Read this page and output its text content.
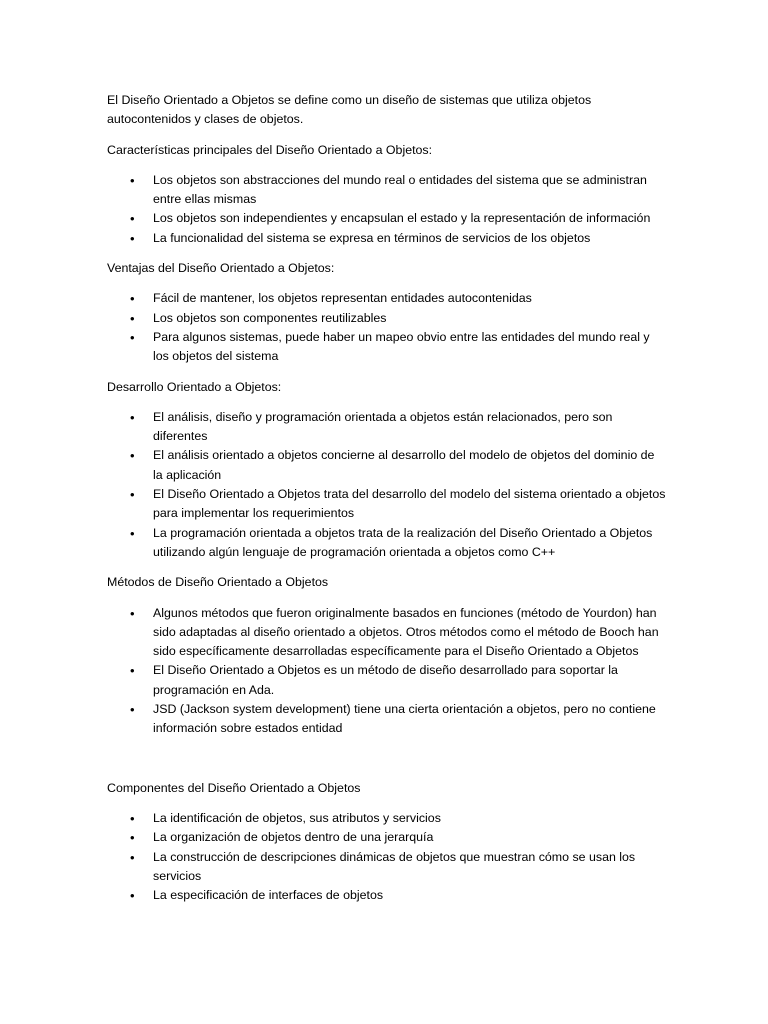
El Diseño Orientado a Objetos se define como un diseño de sistemas que utiliza objetos autocontenidos y clases de objetos.

Características principales del Diseño Orientado a Objetos:

• Los objetos son abstracciones del mundo real o entidades del sistema que se administran entre ellas mismas
• Los objetos son independientes y encapsulan el estado y la representación de información
• La funcionalidad del sistema se expresa en términos de servicios de los objetos

Ventajas del Diseño Orientado a Objetos:

• Fácil de mantener, los objetos representan entidades autocontenidas
• Los objetos son componentes reutilizables
• Para algunos sistemas, puede haber un mapeo obvio entre las entidades del mundo real y los objetos del sistema

Desarrollo Orientado a Objetos:

• El análisis, diseño y programación orientada a objetos están relacionados, pero son diferentes
• El análisis orientado a objetos concierne al desarrollo del modelo de objetos del dominio de la aplicación
• El Diseño Orientado a Objetos trata del desarrollo del modelo del sistema orientado a objetos para implementar los requerimientos
• La programación orientada a objetos trata de la realización del Diseño Orientado a Objetos utilizando algún lenguaje de programación orientada a objetos como C++

Métodos de Diseño Orientado a Objetos

• Algunos métodos que fueron originalmente basados en funciones (método de Yourdon) han sido adaptadas al diseño orientado a objetos. Otros métodos como el método de Booch han sido específicamente desarrolladas específicamente para el Diseño Orientado a Objetos
• El Diseño Orientado a Objetos es un método de diseño desarrollado para soportar la programación en Ada.
• JSD (Jackson system development) tiene una cierta orientación a objetos, pero no contiene información sobre estados entidad

Componentes del Diseño Orientado a Objetos

• La identificación de objetos, sus atributos y servicios
• La organización de objetos dentro de una jerarquía
• La construcción de descripciones dinámicas de objetos que muestran cómo se usan los servicios
• La especificación de interfaces de objetos
